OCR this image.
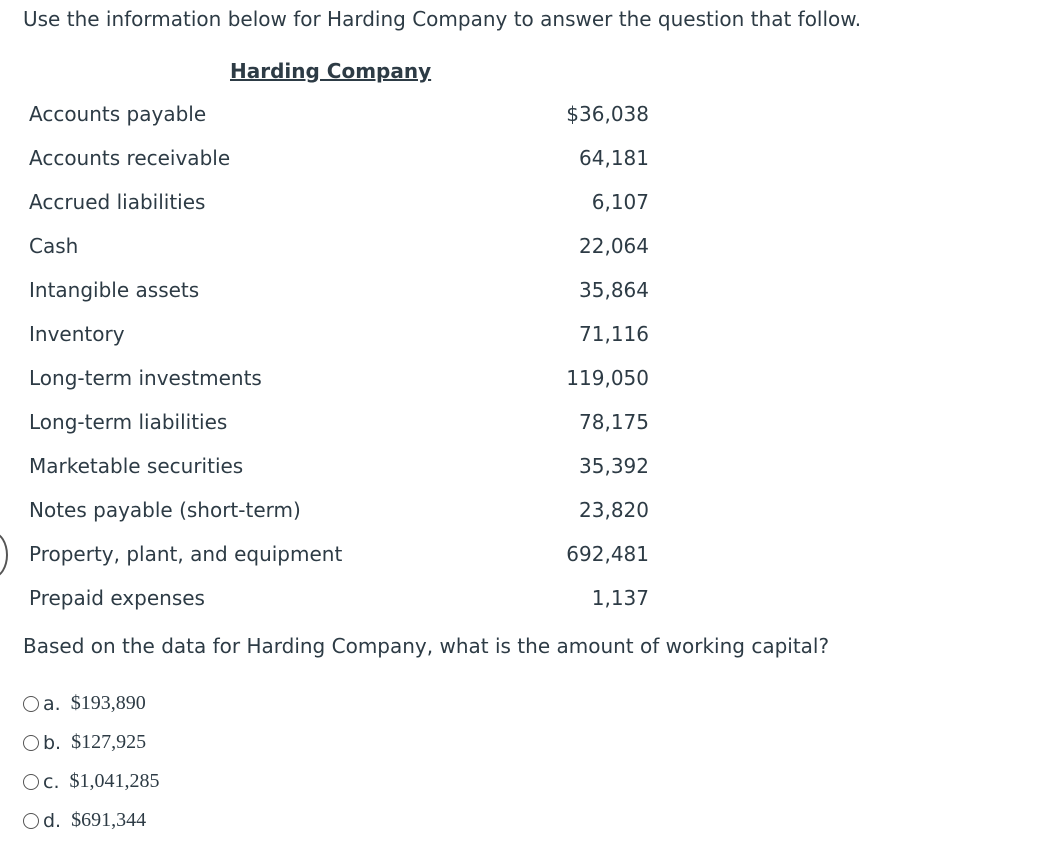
Use the information below for Harding Company to answer the question that follow.
Harding Company
Accounts payable	$36,038
Accounts receivable	64,181
Accrued liabilities	6,107
Cash	22,064
Intangible assets	35,864
Inventory	71,116
Long-term investments	119,050
Long-term liabilities	78,175
Marketable securities	35,392
Notes payable (short-term)	23,820
Property, plant, and equipment	692,481
Prepaid expenses	1,137
Based on the data for Harding Company, what is the amount of working capital?
a. $193,890
b. $127,925
c. $1,041,285
d. $691,344
